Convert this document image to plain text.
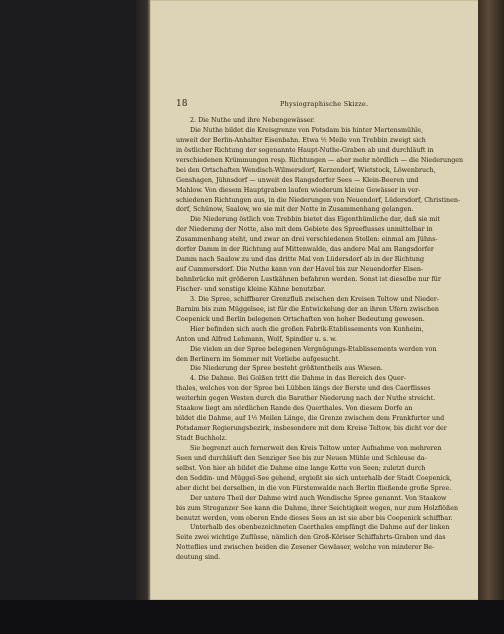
18	Physiographische Skizze.
2. Die Nuthe und ihre Nebengewässer.
Die Nuthe bildet die Kreisgrenze von Potsdam bis hinter Mertensmühle,
unweit der Berlin-Anhalter Eisenbahn. Etwa ½ Meile von Trebbin zweigt sich
in östlicher Richtung der sogenannte Haupt-Nuthe-Graben ab und durchläuft in
verschiedenen Krümmungen resp. Richtungen — aber mehr nördlich — die Niederungen
bei den Ortschaften Wendisch-Wilmersdorf, Kerzendorf, Wietstock, Löwenbruch,
Genshagen, Jühnsdorf — unweit des Rangsdorfer Sees — Klein-Beeren und
Mahlow. Von diesem Hauptgraben laufen wiederum kleine Gewässer in ver-
schiedenen Richtungen aus, in die Niederungen von Neuendorf, Lüdersdorf, Christinen-
dorf, Schünow, Saalow, wo sie mit der Notte in Zusammenhang gelangen.
Die Niederung östlich von Trebbin bietet das Eigenthümliche dar, daß sie mit
der Niederung der Notte, also mit dem Gebiete des Spreeflusses unmittelbar in
Zusammenhang steht, und zwar an drei verschiedenen Stellen: einmal am Jühns-
dorfer Damm in der Richtung auf Mittenwalde, das andere Mal am Rangsdorfer
Damm nach Saalow zu und das dritte Mal von Lüdersdorf ab in der Richtung
auf Cummersdorf. Die Nuthe kann von der Havel bis zur Neuendorfer Eisen-
bahnbrücke mit größeren Lustkähnen befahren werden. Sonst ist dieselbe nur für
Fischer- und sonstige kleine Kähne benutzbar.
3. Die Spree, schiffbarer Grenzfluß zwischen den Kreisen Teltow und Nieder-
Barnim bis zum Müggelsee, ist für die Entwickelung der an ihren Ufern zwischen
Coepenick und Berlin belegenen Ortschaften von hoher Bedeutung gewesen.
Hier befinden sich auch die großen Fabrik-Etablissements von Kunheim,
Anton und Alfred Lehmann, Wolf, Spindler u. s. w.
Die vielen an der Spree belegenen Vergnügungs-Etablissements werden von
den Berlinern im Sommer mit Vorliebe aufgesucht.
Die Niederung der Spree besteht größtentheils aus Wiesen.
4. Die Dahme. Bei Golßen tritt die Dahme in das Bereich des Quer-
thales, welches von der Spree bei Lübben längs der Berste und des Caerflisses
weiterhin gegen Westen durch die Baruther Niederung nach der Nuthe streicht.
Staakow liegt am nördlichen Rande des Querthales. Von diesem Dorfe an
bildet die Dahme, auf 1½ Meilen Länge, die Grenze zwischen dem Frankfurter und
Potsdamer Regierungsbezirk, insbesondere mit dem Kreise Teltow, bis dicht vor der
Stadt Buchholz.
Sie begrenzt auch fernerweit den Kreis Teltow unter Aufnahme von mehreren
Seen und durchläuft den Senziger See bis zur Neuen Mühle und Schleuse da-
selbst. Von hier ab bildet die Dahme eine lange Kette von Seen; zuletzt durch
den Seddin- und Müggel-See gehend, ergießt sie sich unterhalb der Stadt Coepenick,
aber dicht bei derselben, in die von Fürstenwalde nach Berlin fließende große Spree.
Der untere Theil der Dahme wird auch Wendische Spree genannt. Von Staakow
bis zum Streganzer See kann die Dahme, ihrer Seichtigkeit wegen, nur zum Holzflößen
benutzt werden, vom oberen Ende dieses Sees an ist sie aber bis Coepenick schiffbar.
Unterhalb des obenbezeichneten Caerthales empfängt die Dahme auf der linken
Seite zwei wichtige Zuflüsse, nämlich den Groß-Köriser Schiffahrts-Graben und das
Notteflies und zwischen beiden die Zesener Gewässer, welche von minderer Be-
deutung sind.
